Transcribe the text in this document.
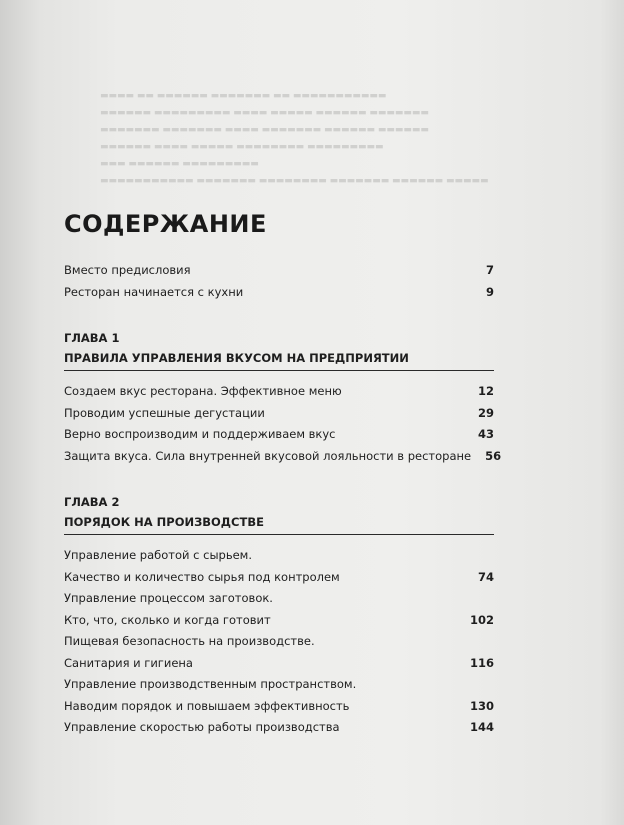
▬▬▬▬ ▬▬ ▬▬▬▬▬▬ ▬▬▬▬▬▬▬ ▬▬ ▬▬▬▬▬▬▬▬▬▬▬
▬▬▬▬▬▬ ▬▬▬▬▬▬▬▬▬ ▬▬▬▬ ▬▬▬▬▬ ▬▬▬▬▬▬ ▬▬▬▬▬▬▬
▬▬▬▬▬▬▬ ▬▬▬▬▬▬▬ ▬▬▬▬ ▬▬▬▬▬▬▬ ▬▬▬▬▬▬ ▬▬▬▬▬▬
▬▬▬▬▬▬ ▬▬▬▬ ▬▬▬▬▬ ▬▬▬▬▬▬▬▬ ▬▬▬▬▬▬▬▬▬
▬▬▬ ▬▬▬▬▬▬ ▬▬▬▬▬▬▬▬▬
▬▬▬▬▬▬▬▬▬▬▬ ▬▬▬▬▬▬▬ ▬▬▬▬▬▬▬▬ ▬▬▬▬▬▬▬ ▬▬▬▬▬▬ ▬▬▬▬▬
СОДЕРЖАНИЕ
Вместо предисловия	7
Ресторан начинается с кухни	9
ГЛАВА 1
ПРАВИЛА УПРАВЛЕНИЯ ВКУСОМ НА ПРЕДПРИЯТИИ
Создаем вкус ресторана. Эффективное меню	12
Проводим успешные дегустации	29
Верно воспроизводим и поддерживаем вкус	43
Защита вкуса. Сила внутренней вкусовой лояльности в ресторане	56
ГЛАВА 2
ПОРЯДОК НА ПРОИЗВОДСТВЕ
Управление работой с сырьем.
Качество и количество сырья под контролем	74
Управление процессом заготовок.
Кто, что, сколько и когда готовит	102
Пищевая безопасность на производстве.
Санитария и гигиена	116
Управление производственным пространством.
Наводим порядок и повышаем эффективность	130
Управление скоростью работы производства	144
